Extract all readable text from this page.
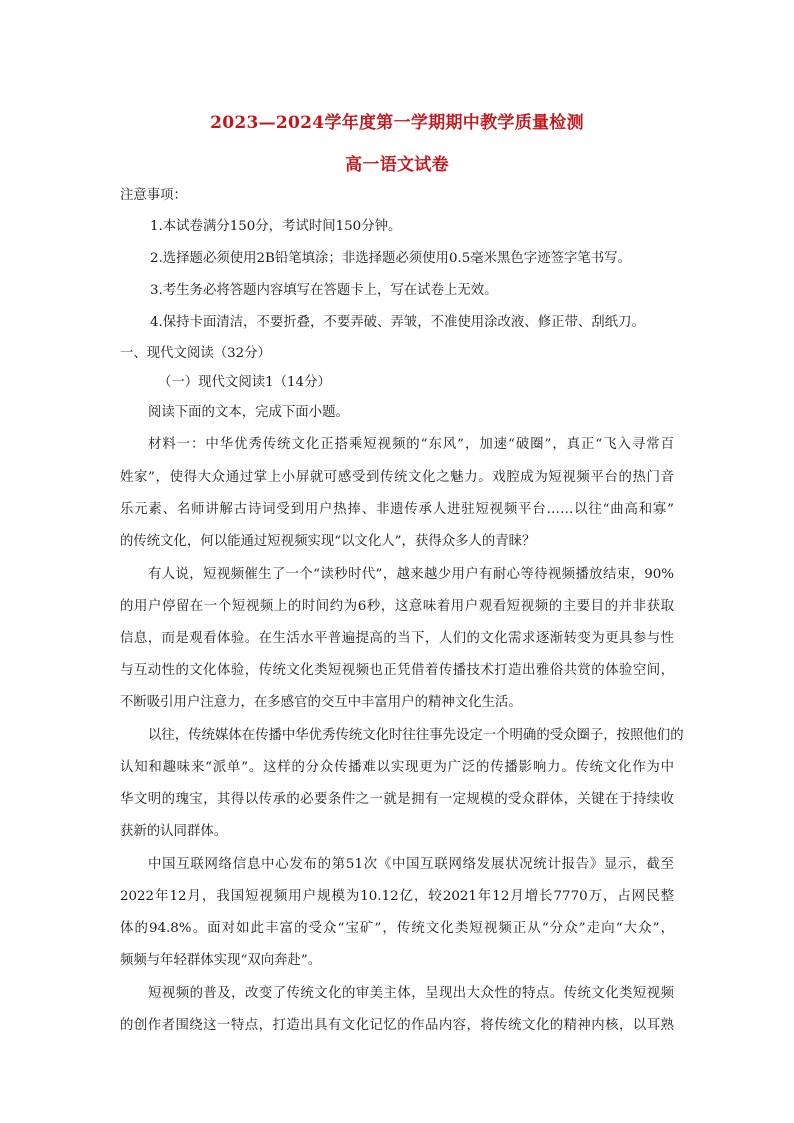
2023—2024学年度第一学期期中教学质量检测
高一语文试卷
注意事项：
1.本试卷满分150分，考试时间150分钟。
2.选择题必须使用2B铅笔填涂；非选择题必须使用0.5毫米黑色字迹签字笔书写。
3.考生务必将答题内容填写在答题卡上，写在试卷上无效。
4.保持卡面清洁，不要折叠，不要弄破、弄皱，不准使用涂改液、修正带、刮纸刀。
一、现代文阅读（32分）
（一）现代文阅读1（14分）
阅读下面的文本，完成下面小题。
材料一：中华优秀传统文化正搭乘短视频的“东风”，加速“破圈”，真正“飞入寻常百
姓家”，使得大众通过掌上小屏就可感受到传统文化之魅力。戏腔成为短视频平台的热门音
乐元素、名师讲解古诗词受到用户热捧、非遗传承人进驻短视频平台……以往“曲高和寡”
的传统文化，何以能通过短视频实现“以文化人”，获得众多人的青睐？
有人说，短视频催生了一个“读秒时代”，越来越少用户有耐心等待视频播放结束，90%
的用户停留在一个短视频上的时间约为6秒，这意味着用户观看短视频的主要目的并非获取
信息，而是观看体验。在生活水平普遍提高的当下，人们的文化需求逐渐转变为更具参与性
与互动性的文化体验，传统文化类短视频也正凭借着传播技术打造出雅俗共赏的体验空间，
不断吸引用户注意力，在多感官的交互中丰富用户的精神文化生活。
以往，传统媒体在传播中华优秀传统文化时往往事先设定一个明确的受众圈子，按照他们的
认知和趣味来“派单”。这样的分众传播难以实现更为广泛的传播影响力。传统文化作为中
华文明的瑰宝，其得以传承的必要条件之一就是拥有一定规模的受众群体，关键在于持续收
获新的认同群体。
中国互联网络信息中心发布的第51次《中国互联网络发展状况统计报告》显示，截至
2022年12月，我国短视频用户规模为10.12亿，较2021年12月增长7770万，占网民整
体的94.8%。面对如此丰富的受众“宝矿”，传统文化类短视频正从“分众”走向“大众”，
频频与年轻群体实现“双向奔赴”。
短视频的普及，改变了传统文化的审美主体，呈现出大众性的特点。传统文化类短视频
的创作者围绕这一特点，打造出具有文化记忆的作品内容，将传统文化的精神内核，以耳熟
